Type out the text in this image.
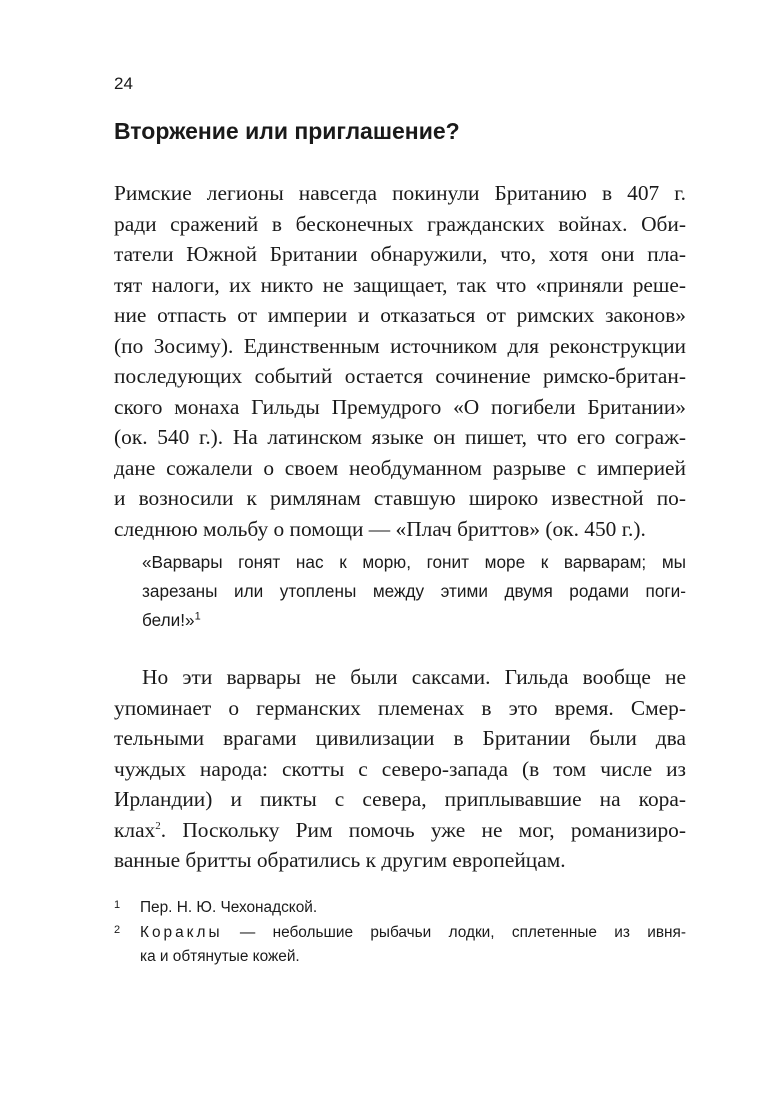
24
Вторжение или приглашение?
Римские легионы навсегда покинули Британию в 407 г.
ради сражений в бесконечных гражданских войнах. Оби-
татели Южной Британии обнаружили, что, хотя они пла-
тят налоги, их никто не защищает, так что «приняли реше-
ние отпасть от империи и отказаться от римских законов»
(по Зосиму). Единственным источником для реконструкции
последующих событий остается сочинение римско-британ-
ского монаха Гильды Премудрого «О погибели Британии»
(ок. 540 г.). На латинском языке он пишет, что его сограж-
дане сожалели о своем необдуманном разрыве с империей
и возносили к римлянам ставшую широко известной по-
следнюю мольбу о помощи — «Плач бриттов» (ок. 450 г.).
«Варвары гонят нас к морю, гонит море к варварам; мы
зарезаны или утоплены между этими двумя родами поги-
бели!»$^1$
Но эти варвары не были саксами. Гильда вообще не
упоминает о германских племенах в это время. Смер-
тельными врагами цивилизации в Британии были два
чуждых народа: скотты с северо-запада (в том числе из
Ирландии) и пикты с севера, приплывавшие на кора-
клах$^2$. Поскольку Рим помочь уже не мог, романизиро-
ванные бритты обратились к другим европейцам.
1 Пер. Н. Ю. Чехонадской.
2 Кораклы — небольшие рыбачьи лодки, сплетенные из ивня-
ка и обтянутые кожей.
